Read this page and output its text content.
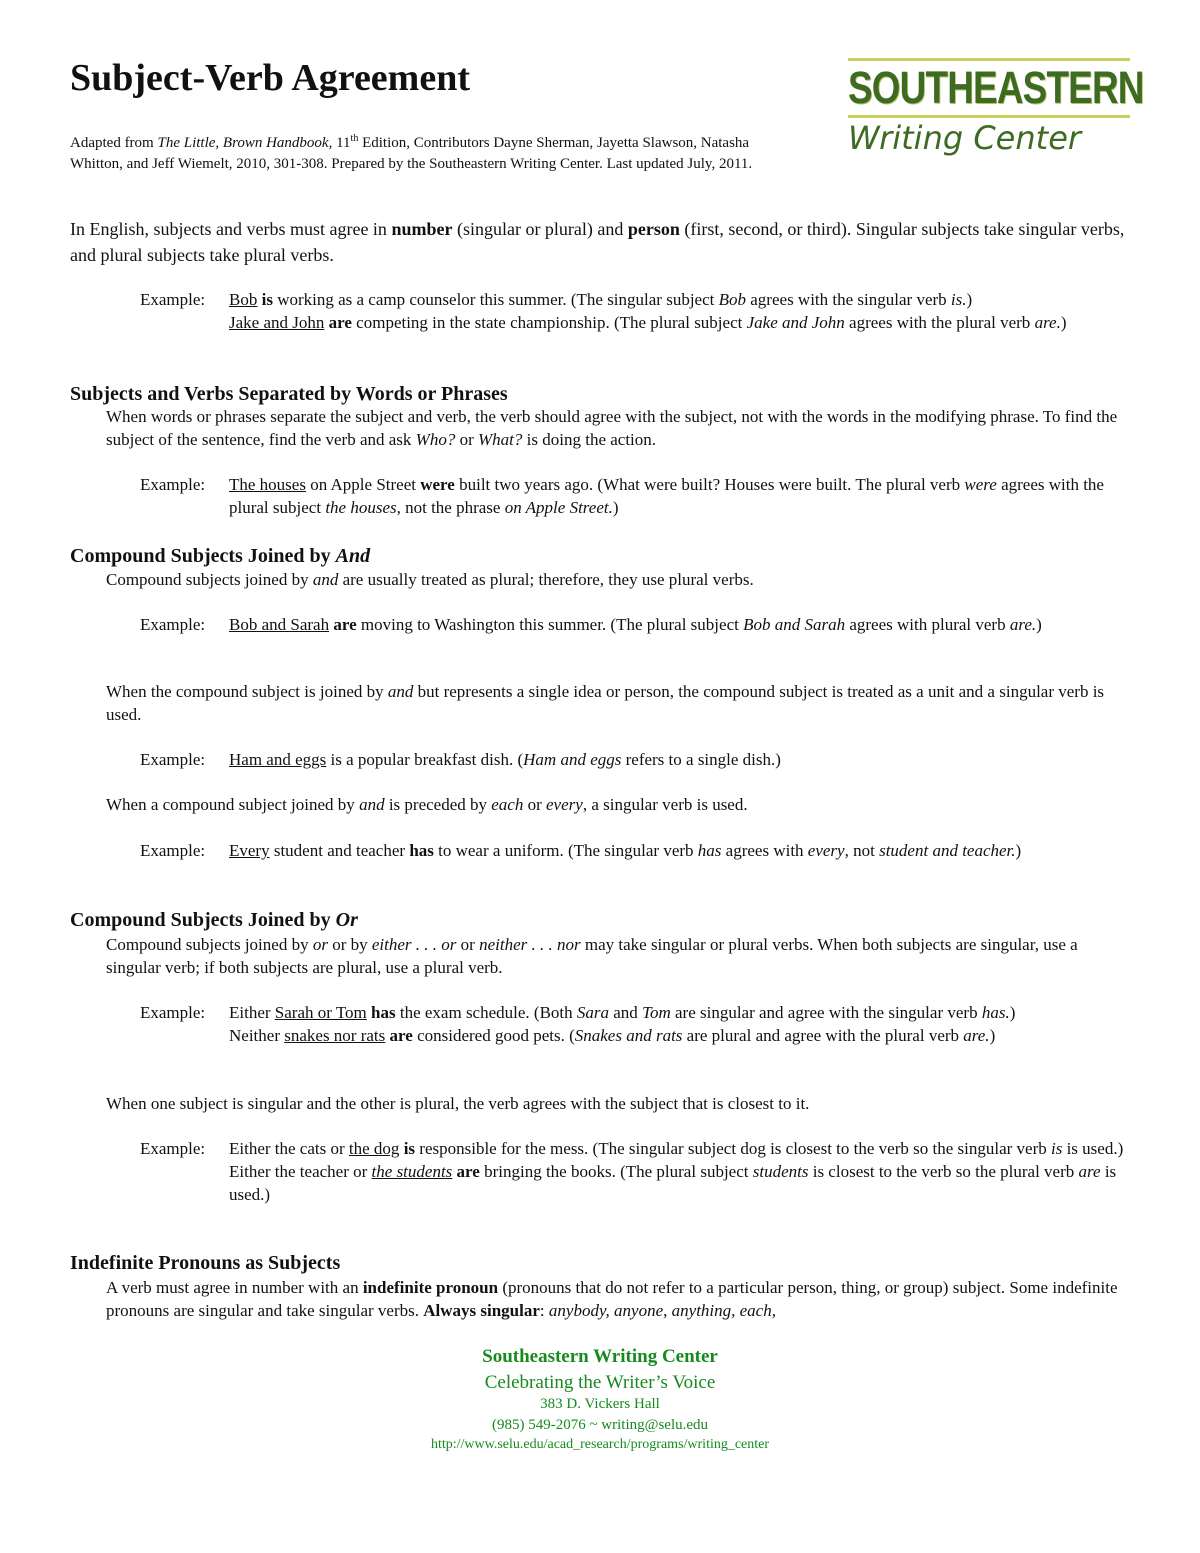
Subject-Verb Agreement
Adapted from The Little, Brown Handbook, 11th Edition, Contributors Dayne Sherman, Jayetta Slawson, Natasha Whitton, and Jeff Wiemelt, 2010, 301-308. Prepared by the Southeastern Writing Center. Last updated July, 2011.
SOUTHEASTERN
Writing Center
In English, subjects and verbs must agree in number (singular or plural) and person (first, second, or third). Singular subjects take singular verbs, and plural subjects take plural verbs.
Example:	Bob is working as a camp counselor this summer. (The singular subject Bob agrees with the singular verb is.)
Jake and John are competing in the state championship. (The plural subject Jake and John agrees with the plural verb are.)
Subjects and Verbs Separated by Words or Phrases
When words or phrases separate the subject and verb, the verb should agree with the subject, not with the words in the modifying phrase. To find the subject of the sentence, find the verb and ask Who? or What? is doing the action.
Example:	The houses on Apple Street were built two years ago. (What were built? Houses were built. The plural verb were agrees with the plural subject the houses, not the phrase on Apple Street.)
Compound Subjects Joined by And
Compound subjects joined by and are usually treated as plural; therefore, they use plural verbs.
Example:	Bob and Sarah are moving to Washington this summer. (The plural subject Bob and Sarah agrees with plural verb are.)
When the compound subject is joined by and but represents a single idea or person, the compound subject is treated as a unit and a singular verb is used.
Example:	Ham and eggs is a popular breakfast dish. (Ham and eggs refers to a single dish.)
When a compound subject joined by and is preceded by each or every, a singular verb is used.
Example:	Every student and teacher has to wear a uniform. (The singular verb has agrees with every, not student and teacher.)
Compound Subjects Joined by Or
Compound subjects joined by or or by either . . . or or neither . . . nor may take singular or plural verbs. When both subjects are singular, use a singular verb; if both subjects are plural, use a plural verb.
Example:	Either Sarah or Tom has the exam schedule. (Both Sara and Tom are singular and agree with the singular verb has.)
Neither snakes nor rats are considered good pets. (Snakes and rats are plural and agree with the plural verb are.)
When one subject is singular and the other is plural, the verb agrees with the subject that is closest to it.
Example:	Either the cats or the dog is responsible for the mess. (The singular subject dog is closest to the verb so the singular verb is is used.)
Either the teacher or the students are bringing the books. (The plural subject students is closest to the verb so the plural verb are is used.)
Indefinite Pronouns as Subjects
A verb must agree in number with an indefinite pronoun (pronouns that do not refer to a particular person, thing, or group) subject. Some indefinite pronouns are singular and take singular verbs. Always singular: anybody, anyone, anything, each,
Southeastern Writing Center
Celebrating the Writer’s Voice
383 D. Vickers Hall
(985) 549-2076 ~ writing@selu.edu
http://www.selu.edu/acad_research/programs/writing_center
